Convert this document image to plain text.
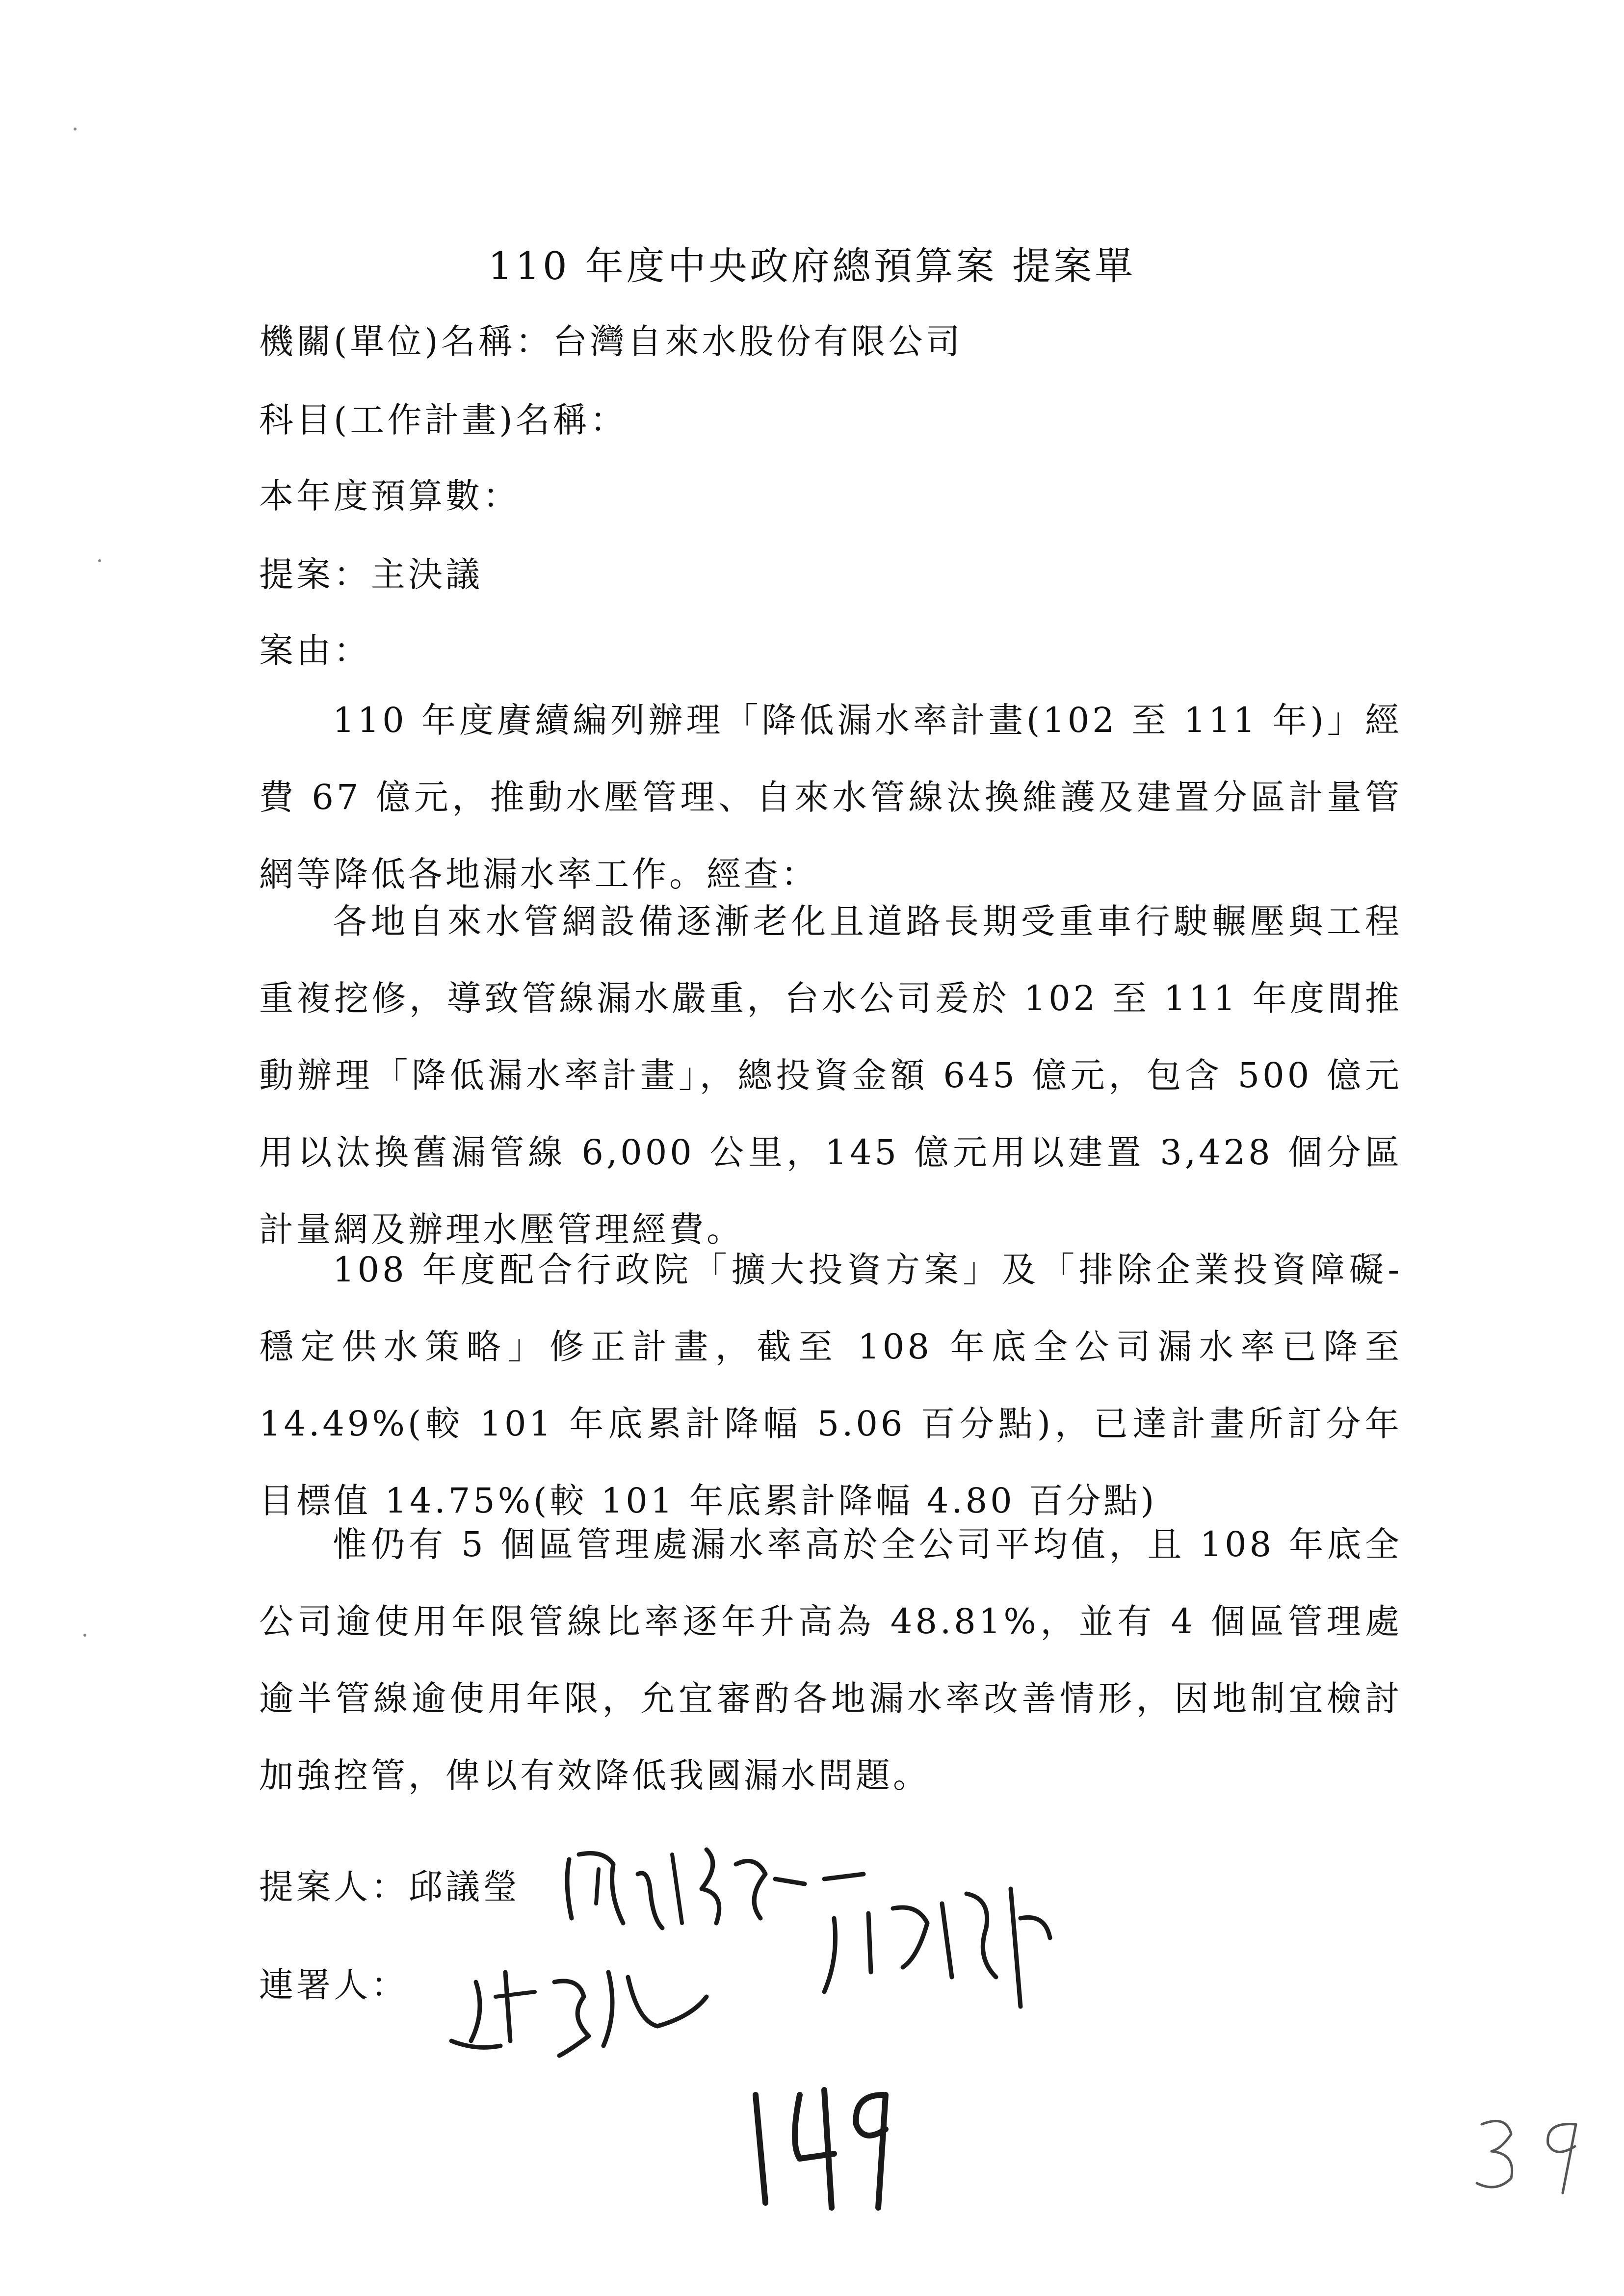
110 年度中央政府總預算案 提案單
機關(單位)名稱：台灣自來水股份有限公司
科目(工作計畫)名稱：
本年度預算數：
提案：主決議
案由：

110 年度賡續編列辦理「降低漏水率計畫(102 至 111 年)」經費 67 億元，推動水壓管理、自來水管線汰換維護及建置分區計量管網等降低各地漏水率工作。經查：

各地自來水管網設備逐漸老化且道路長期受重車行駛輾壓與工程重複挖修，導致管線漏水嚴重，台水公司爰於 102 至 111 年度間推動辦理「降低漏水率計畫」，總投資金額 645 億元，包含 500 億元用以汰換舊漏管線 6,000 公里，145 億元用以建置 3,428 個分區計量網及辦理水壓管理經費。

108 年度配合行政院「擴大投資方案」及「排除企業投資障礙-穩定供水策略」修正計畫，截至 108 年底全公司漏水率已降至 14.49%(較 101 年底累計降幅 5.06 百分點)，已達計畫所訂分年目標值 14.75%(較 101 年底累計降幅 4.80 百分點)

惟仍有 5 個區管理處漏水率高於全公司平均值，且 108 年底全公司逾使用年限管線比率逐年升高為 48.81%，並有 4 個區管理處逾半管線逾使用年限，允宜審酌各地漏水率改善情形，因地制宜檢討加強控管，俾以有效降低我國漏水問題。

提案人：邱議瑩
連署人：
